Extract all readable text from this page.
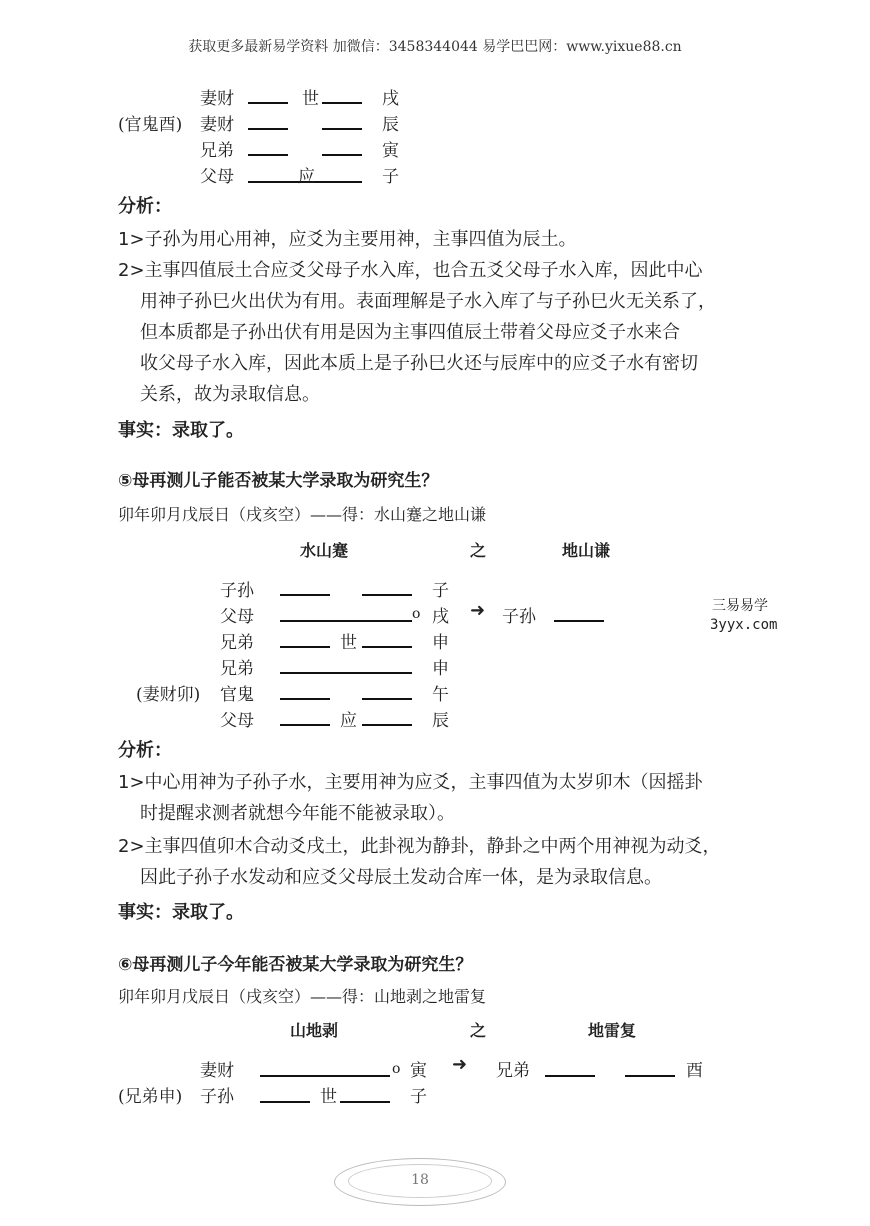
获取更多最新易学资料 加微信：3458344044 易学巴巴网：www.yixue88.cn
妻财	世	戌
(官鬼酉) 妻财	辰
兄弟	寅
父母	应	子
分析：
1>子孙为用心用神，应爻为主要用神，主事四值为辰土。
2>主事四值辰土合应爻父母子水入库，也合五爻父母子水入库，因此中心
用神子孙巳火出伏为有用。表面理解是子水入库了与子孙巳火无关系了，
但本质都是子孙出伏有用是因为主事四值辰土带着父母应爻子水来合
收父母子水入库，因此本质上是子孙巳火还与辰库中的应爻子水有密切
关系，故为录取信息。
事实：录取了。
⑤母再测儿子能否被某大学录取为研究生？
卯年卯月戊辰日（戌亥空）——得：水山蹇之地山谦
水山蹇	之	地山谦
子孙	子
父母	o 戌 ➜ 子孙
兄弟	世	申
兄弟	申
(妻财卯) 官鬼	午
父母	应	辰
三易易学
3yyx.com
分析：
1>中心用神为子孙子水，主要用神为应爻，主事四值为太岁卯木（因摇卦
时提醒求测者就想今年能不能被录取）。
2>主事四值卯木合动爻戌土，此卦视为静卦，静卦之中两个用神视为动爻，
因此子孙子水发动和应爻父母辰土发动合库一体，是为录取信息。
事实：录取了。
⑥母再测儿子今年能否被某大学录取为研究生？
卯年卯月戊辰日（戌亥空）——得：山地剥之地雷复
山地剥	之	地雷复
妻财	o 寅 ➜ 兄弟	酉
(兄弟申) 子孙	世	子
18
